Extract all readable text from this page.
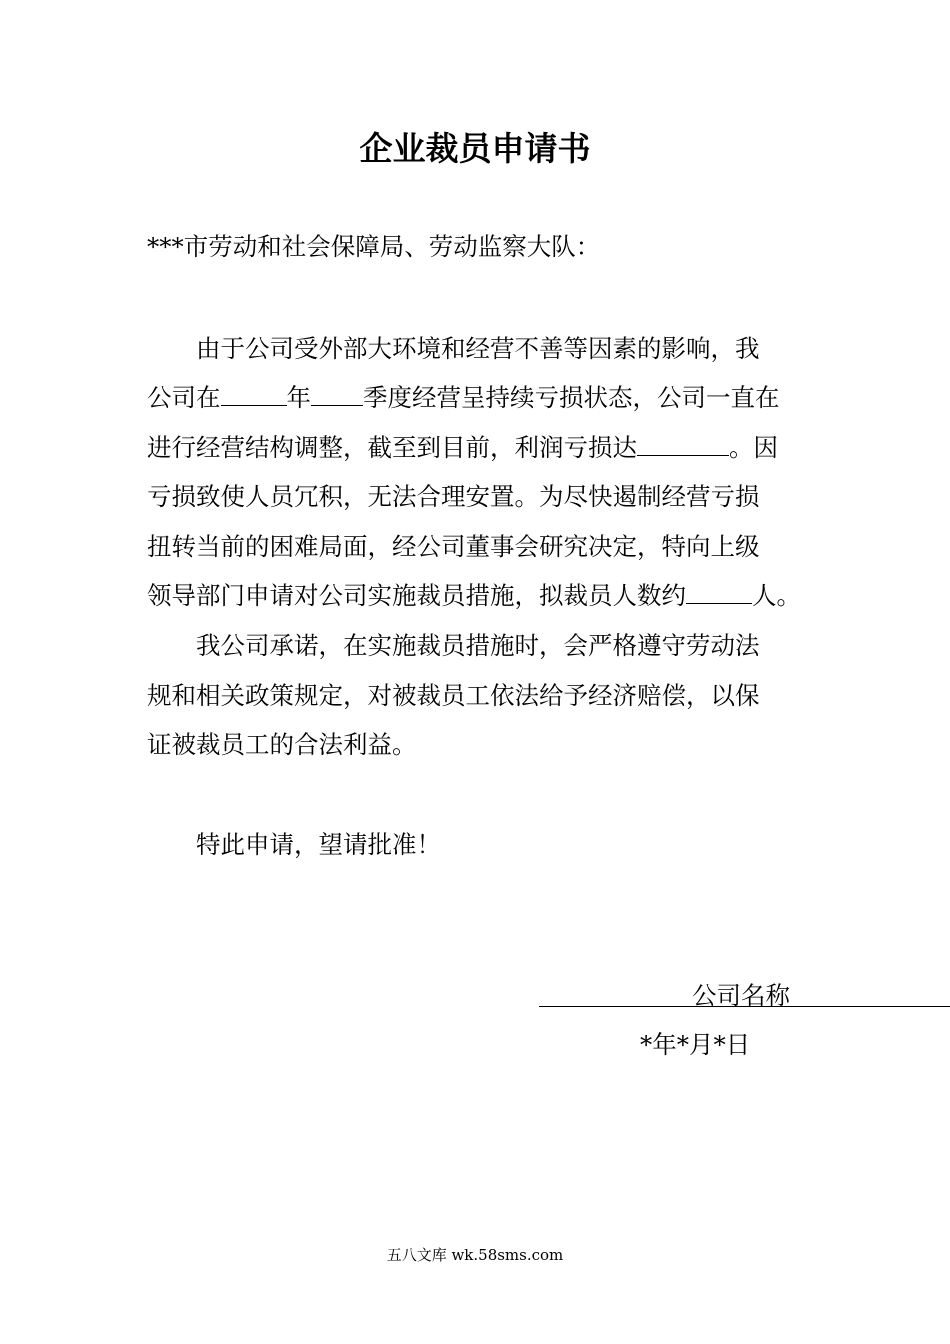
企业裁员申请书
***市劳动和社会保障局、劳动监察大队：
由于公司受外部大环境和经营不善等因素的影响，我
公司在	年 季度经营呈持续亏损状态，公司一直在
进行经营结构调整，截至到目前，利润亏损达	。因
亏损致使人员冗积，无法合理安置。为尽快遏制经营亏损
扭转当前的困难局面，经公司董事会研究决定，特向上级
领导部门申请对公司实施裁员措施，拟裁员人数约	人。
我公司承诺，在实施裁员措施时，会严格遵守劳动法
规和相关政策规定，对被裁员工依法给予经济赔偿，以保
证被裁员工的合法利益。
特此申请，望请批准！
公司名称
*年*月*日
五八文库 wk.58sms.com
